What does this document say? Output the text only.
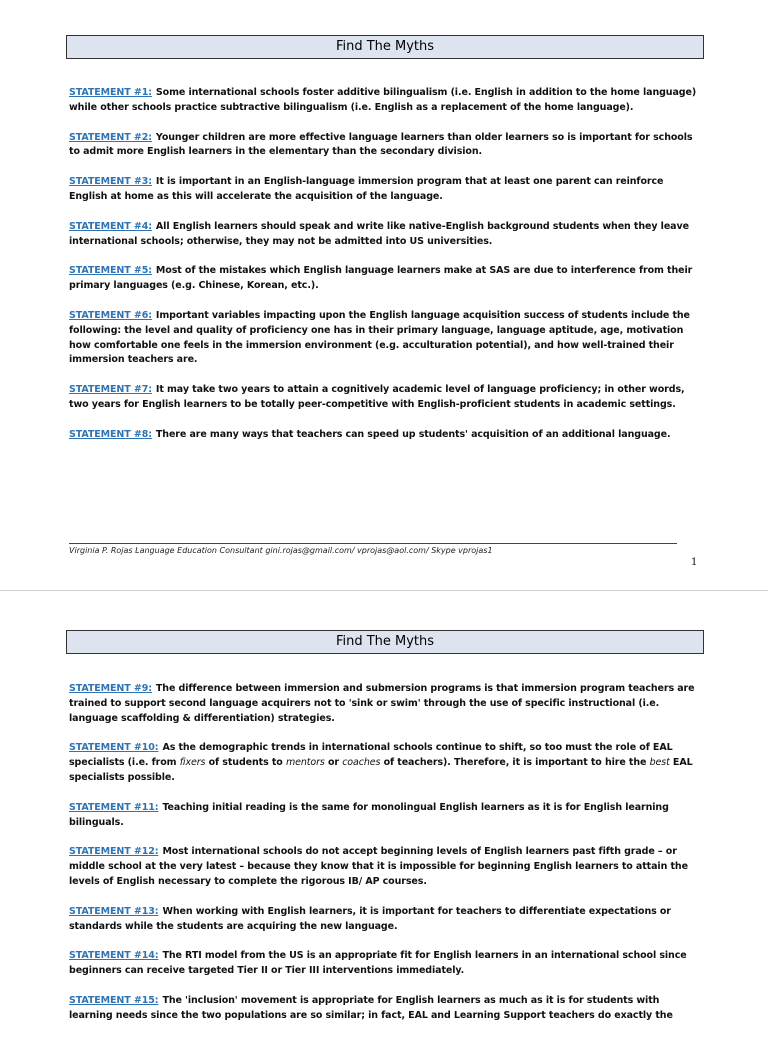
Find The Myths

STATEMENT #1: Some international schools foster additive bilingualism (i.e. English in addition to the home language) while other schools practice subtractive bilingualism (i.e. English as a replacement of the home language).

STATEMENT #2: Younger children are more effective language learners than older learners so is important for schools to admit more English learners in the elementary than the secondary division.

STATEMENT #3: It is important in an English-language immersion program that at least one parent can reinforce English at home as this will accelerate the acquisition of the language.

STATEMENT #4: All English learners should speak and write like native-English background students when they leave international schools; otherwise, they may not be admitted into US universities.

STATEMENT #5: Most of the mistakes which English language learners make at SAS are due to interference from their primary languages (e.g. Chinese, Korean, etc.).

STATEMENT #6: Important variables impacting upon the English language acquisition success of students include the following: the level and quality of proficiency one has in their primary language, language aptitude, age, motivation how comfortable one feels in the immersion environment (e.g. acculturation potential), and how well-trained their immersion teachers are.

STATEMENT #7: It may take two years to attain a cognitively academic level of language proficiency; in other words, two years for English learners to be totally peer-competitive with English-proficient students in academic settings.

STATEMENT #8: There are many ways that teachers can speed up students' acquisition of an additional language.

Virginia P. Rojas Language Education Consultant gini.rojas@gmail.com/ vprojas@aol.com/ Skype vprojas1
1
Find The Myths

STATEMENT #9: The difference between immersion and submersion programs is that immersion program teachers are trained to support second language acquirers not to 'sink or swim' through the use of specific instructional (i.e. language scaffolding & differentiation) strategies.

STATEMENT #10: As the demographic trends in international schools continue to shift, so too must the role of EAL specialists (i.e. from fixers of students to mentors or coaches of teachers). Therefore, it is important to hire the best EAL specialists possible.

STATEMENT #11: Teaching initial reading is the same for monolingual English learners as it is for English learning bilinguals.

STATEMENT #12: Most international schools do not accept beginning levels of English learners past fifth grade – or middle school at the very latest – because they know that it is impossible for beginning English learners to attain the levels of English necessary to complete the rigorous IB/ AP courses.

STATEMENT #13: When working with English learners, it is important for teachers to differentiate expectations or standards while the students are acquiring the new language.

STATEMENT #14: The RTI model from the US is an appropriate fit for English learners in an international school since beginners can receive targeted Tier II or Tier III interventions immediately.

STATEMENT #15: The 'inclusion' movement is appropriate for English learners as much as it is for students with learning needs since the two populations are so similar; in fact, EAL and Learning Support teachers do exactly the
